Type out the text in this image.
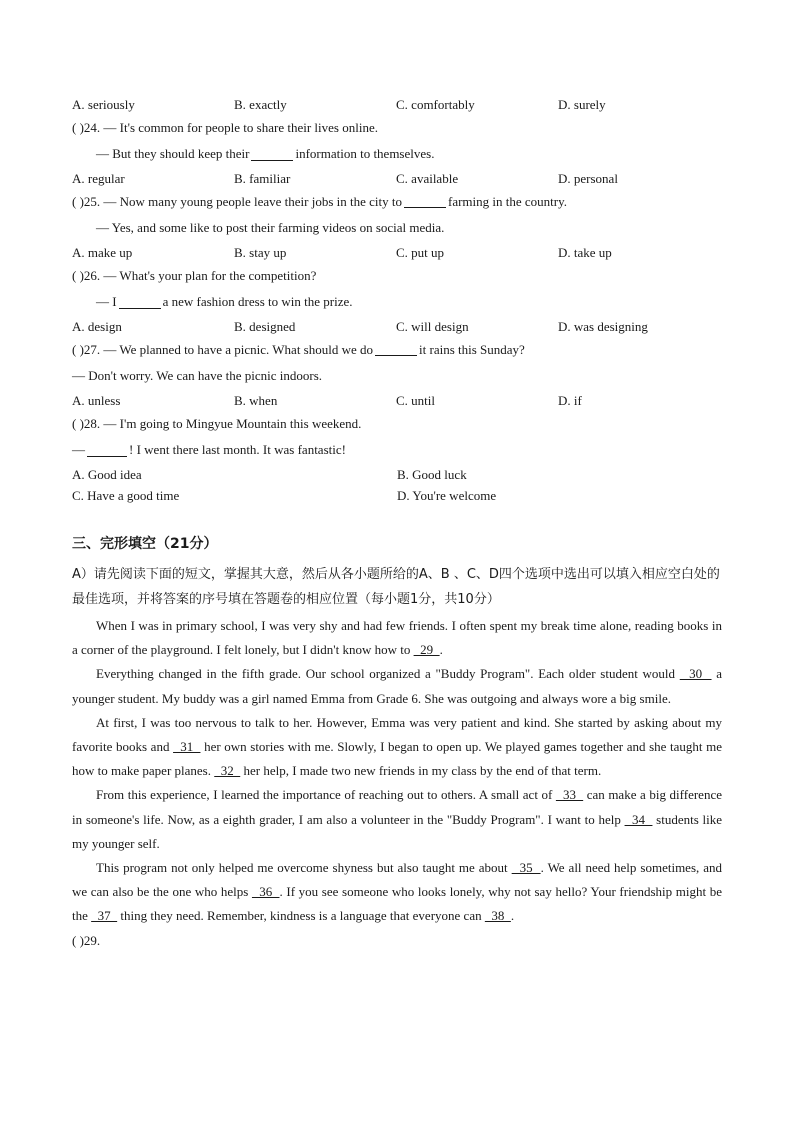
A. seriously	B. exactly	C. comfortably	D. surely
( )24. — It's common for people to share their lives online.
— But they should keep their	information to themselves.
A. regular	B. familiar	C. available	D. personal
( )25. — Now many young people leave their jobs in the city to	farming in the country.
— Yes, and some like to post their farming videos on social media.
A. make up	B. stay up	C. put up	D. take up
( )26. — What's your plan for the competition?
— I	a new fashion dress to win the prize.
A. design	B. designed	C. will design	D. was designing
( )27. — We planned to have a picnic. What should we do	it rains this Sunday?
— Don't worry. We can have the picnic indoors.
A. unless	B. when	C. until	D. if
( )28. — I'm going to Mingyue Mountain this weekend.
—	! I went there last month. It was fantastic!
A. Good idea	B. Good luck
C. Have a good time	D. You're welcome
三、完形填空（21分）
A）请先阅读下面的短文，掌握其大意，然后从各小题所给的A、B 、C、D四个选项中选出可以填入相应空白处的最佳选项，并将答案的序号填在答题卷的相应位置（每小题1分，共10分）

When I was in primary school, I was very shy and had few friends. I often spent my break time alone, reading books in a corner of the playground. I felt lonely, but I didn't know how to   29  .

Everything changed in the fifth grade. Our school organized a "Buddy Program". Each older student would   30   a younger student. My buddy was a girl named Emma from Grade 6. She was outgoing and always wore a big smile.

At first, I was too nervous to talk to her. However, Emma was very patient and kind. She started by asking about my favorite books and   31   her own stories with me. Slowly, I began to open up. We played games together and she taught me how to make paper planes.   32   her help, I made two new friends in my class by the end of that term.

From this experience, I learned the importance of reaching out to others. A small act of   33   can make a big difference in someone's life. Now, as a eighth grader, I am also a volunteer in the "Buddy Program". I want to help   34   students like my younger self.

This program not only helped me overcome shyness but also taught me about   35  . We all need help sometimes, and we can also be the one who helps   36  . If you see someone who looks lonely, why not say hello? Your friendship might be the   37   thing they need. Remember, kindness is a language that everyone can   38  .

( )29.
